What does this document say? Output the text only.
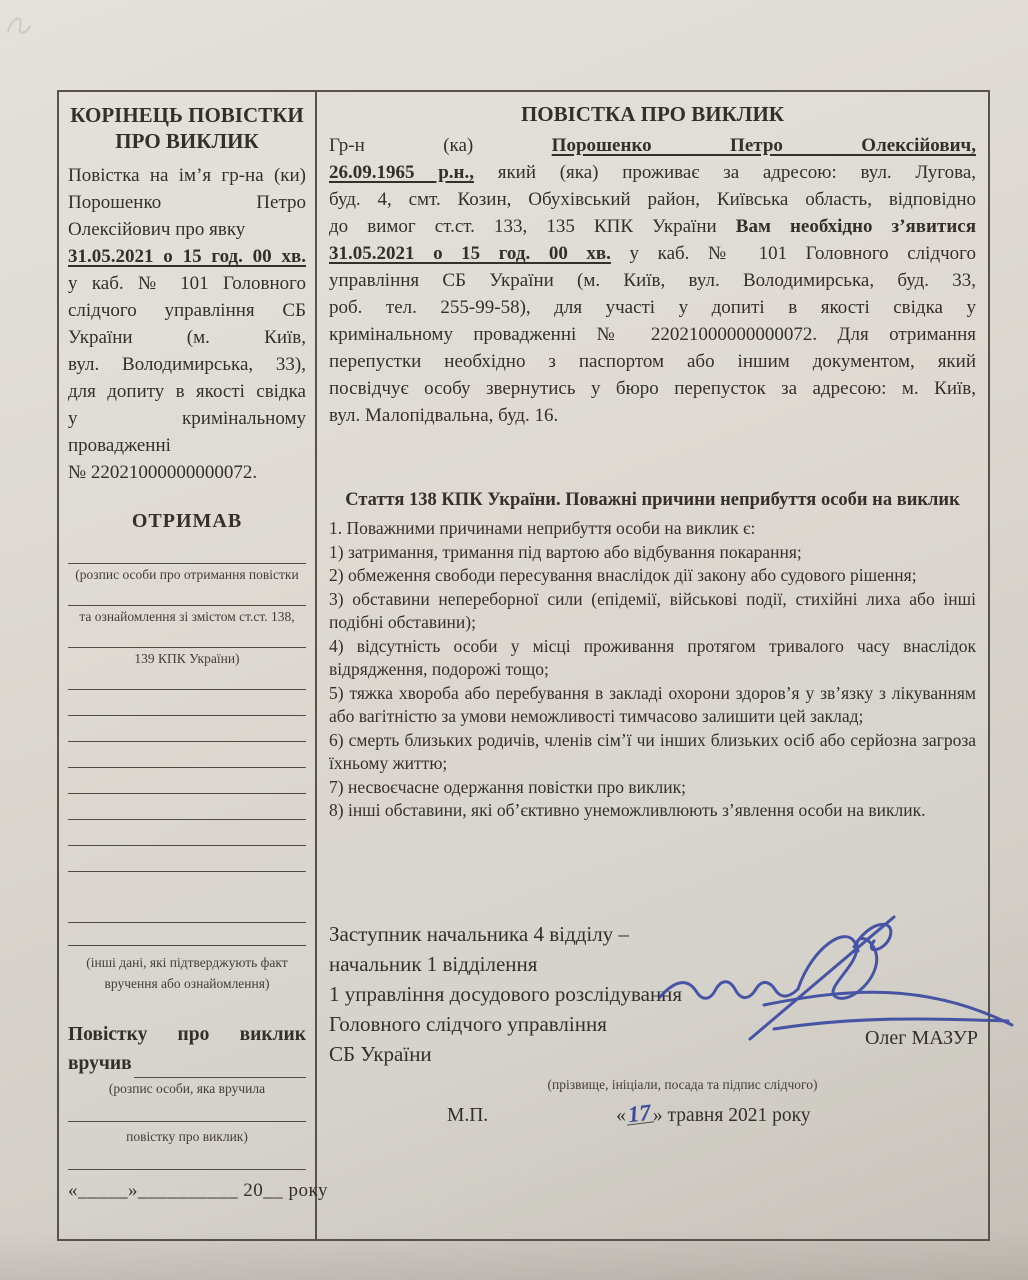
КОРІНЕЦЬ ПОВІСТКИ
ПРО ВИКЛИК
Повістка на ім’я гр-на (ки)
Порошенко Петро
Олексійович про явку
31.05.2021 о 15 год. 00 хв.
у каб. № 101 Головного
слідчого управління СБ
України (м. Київ,
вул. Володимирська, 33),
для допиту в якості свідка
у кримінальному
провадженні
№ 22021000000000072.
ОТРИМАВ
(розпис особи про отримання повістки
та ознайомлення зі змістом ст.ст. 138,
139 КПК України)
(інші дані, які підтверджують факт
вручення або ознайомлення)
Повістку про виклик
вручив
(розпис особи, яка вручила
повістку про виклик)
«_____»__________ 20__ року
ПОВІСТКА ПРО ВИКЛИК
Гр-н	(ка)	Порошенко Петро Олексійович,
26.09.1965 р.н., який (яка) проживає за адресою: вул. Лугова,
буд. 4, смт. Козин, Обухівський район, Київська область, відповідно
до вимог ст.ст. 133, 135 КПК України Вам необхідно з’явитися
31.05.2021 о 15 год. 00 хв. у каб. № 101 Головного слідчого
управління СБ України (м. Київ, вул. Володимирська, буд. 33,
роб. тел. 255-99-58), для участі у допиті в якості свідка у
кримінальному провадженні № 22021000000000072. Для отримання
перепустки необхідно з паспортом або іншим документом, який
посвідчує особу звернутись у бюро перепусток за адресою: м. Київ,
вул. Малопідвальна, буд. 16.
Стаття 138 КПК України. Поважні причини неприбуття особи на виклик

1. Поважними причинами неприбуття особи на виклик є:

1) затримання, тримання під вартою або відбування покарання;

2) обмеження свободи пересування внаслідок дії закону або судового рішення;

3) обставини непереборної сили (епідемії, військові події, стихійні лиха або інші подібні обставини);

4) відсутність особи у місці проживання протягом тривалого часу внаслідок відрядження, подорожі тощо;

5) тяжка хвороба або перебування в закладі охорони здоров’я у зв’язку з лікуванням або вагітністю за умови неможливості тимчасово залишити цей заклад;

6) смерть близьких родичів, членів сім’ї чи інших близьких осіб або серйозна загроза їхньому життю;

7) несвоєчасне одержання повістки про виклик;

8) інші обставини, які об’єктивно унеможливлюють з’явлення особи на виклик.

Заступник начальника 4 відділу –
начальник 1 відділення
1 управління досудового розслідування
Головного слідчого управління
СБ України
Олег МАЗУР
(прізвище, ініціали, посада та підпис слідчого)
М.П.	«17» травня 2021 року
